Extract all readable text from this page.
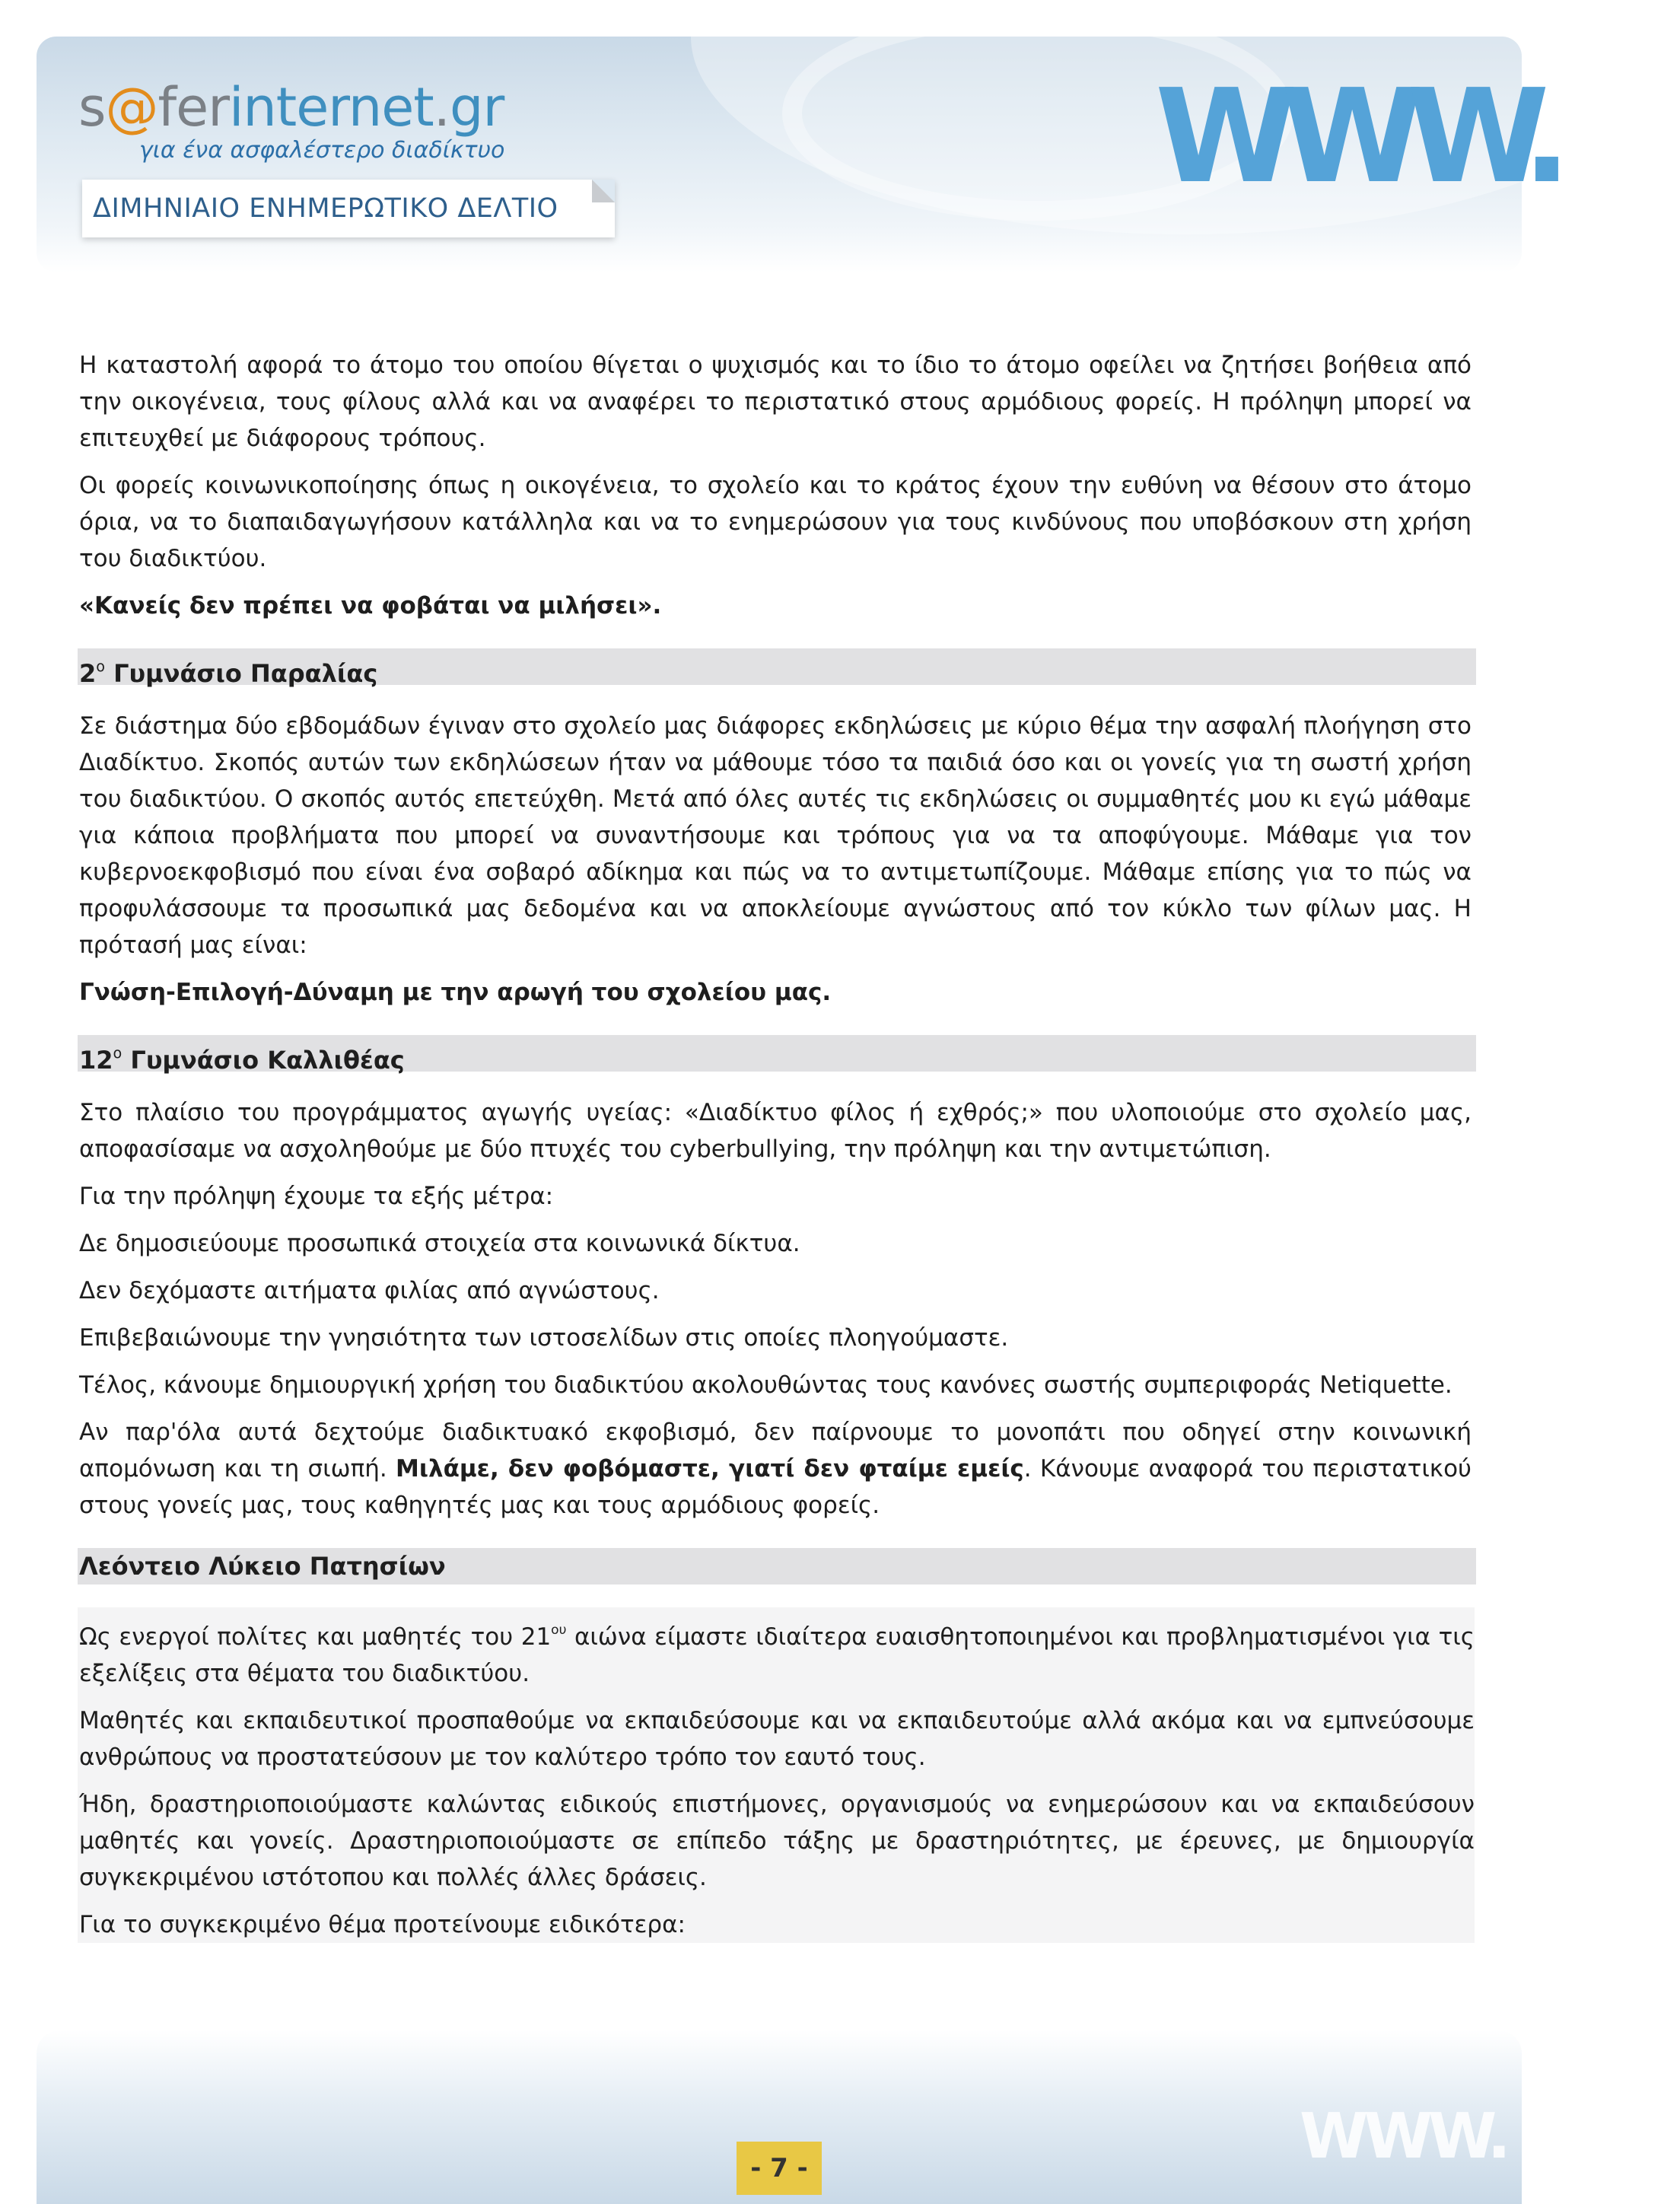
s@ferinternet.gr
για ένα ασφαλέστερο διαδίκτυο
ΔΙΜΗΝΙΑΙΟ ΕΝΗΜΕΡΩΤΙΚΟ ΔΕΛΤΙΟ	WWW.

Η καταστολή αφορά το άτομο του οποίου θίγεται ο ψυχισμός και το ίδιο το άτομο οφείλει να ζητήσει βοήθεια από την οικογένεια, τους φίλους αλλά και να αναφέρει το περιστατικό στους αρμόδιους φορείς. Η πρόληψη μπορεί να επιτευχθεί με διάφορους τρόπους.

Οι φορείς κοινωνικοποίησης όπως η οικογένεια, το σχολείο και το κράτος έχουν την ευθύνη να θέσουν στο άτομο όρια, να το διαπαιδαγωγήσουν κατάλληλα και να το ενημερώσουν για τους κινδύνους που υποβόσκουν στη χρήση του διαδικτύου.

«Κανείς δεν πρέπει να φοβάται να μιλήσει».

$2^o$ Γυμνάσιο Παραλίας

Σε διάστημα δύο εβδομάδων έγιναν στο σχολείο μας διάφορες εκδηλώσεις με κύριο θέμα την ασφαλή πλοήγηση στο Διαδίκτυο. Σκοπός αυτών των εκδηλώσεων ήταν να μάθουμε τόσο τα παιδιά όσο και οι γονείς για τη σωστή χρήση του διαδικτύου. Ο σκοπός αυτός επετεύχθη. Μετά από όλες αυτές τις εκδηλώσεις οι συμμαθητές μου κι εγώ μάθαμε για κάποια προβλήματα που μπορεί να συναντήσουμε και τρόπους για να τα αποφύγουμε. Μάθαμε για τον κυβερνοεκφοβισμό που είναι ένα σοβαρό αδίκημα και πώς να το αντιμετωπίζουμε. Μάθαμε επίσης για το πώς να προφυλάσσουμε τα προσωπικά μας δεδομένα και να αποκλείουμε αγνώστους από τον κύκλο των φίλων μας. Η πρότασή μας είναι:

Γνώση-Επιλογή-Δύναμη με την αρωγή του σχολείου μας.

$12^o$ Γυμνάσιο Καλλιθέας

Στο πλαίσιο του προγράμματος αγωγής υγείας: «Διαδίκτυο φίλος ή εχθρός;» που υλοποιούμε στο σχολείο μας, αποφασίσαμε να ασχοληθούμε με δύο πτυχές του cyberbullying, την πρόληψη και την αντιμετώπιση.

Για την πρόληψη έχουμε τα εξής μέτρα:

Δε δημοσιεύουμε προσωπικά στοιχεία στα κοινωνικά δίκτυα.

Δεν δεχόμαστε αιτήματα φιλίας από αγνώστους.

Επιβεβαιώνουμε την γνησιότητα των ιστοσελίδων στις οποίες πλοηγούμαστε.

Τέλος, κάνουμε δημιουργική χρήση του διαδικτύου ακολουθώντας τους κανόνες σωστής συμπεριφοράς Netiquette.

Αν παρ'όλα αυτά δεχτούμε διαδικτυακό εκφοβισμό, δεν παίρνουμε το μονοπάτι που οδηγεί στην κοινωνική απομόνωση και τη σιωπή. Μιλάμε, δεν φοβόμαστε, γιατί δεν φταίμε εμείς. Κάνουμε αναφορά του περιστατικού στους γονείς μας, τους καθηγητές μας και τους αρμόδιους φορείς.

Λεόντειο Λύκειο Πατησίων

Ως ενεργοί πολίτες και μαθητές του $21^{o\upsilon}$ αιώνα είμαστε ιδιαίτερα ευαισθητοποιημένοι και προβληματισμένοι για τις εξελίξεις στα θέματα του διαδικτύου.

Μαθητές και εκπαιδευτικοί προσπαθούμε να εκπαιδεύσουμε και να εκπαιδευτούμε αλλά ακόμα και να εμπνεύσουμε ανθρώπους να προστατεύσουν με τον καλύτερο τρόπο τον εαυτό τους.

Ήδη, δραστηριοποιούμαστε καλώντας ειδικούς επιστήμονες, οργανισμούς να ενημερώσουν και να εκπαιδεύσουν μαθητές και γονείς. Δραστηριοποιούμαστε σε επίπεδο τάξης με δραστηριότητες, με έρευνες, με δημιουργία συγκεκριμένου ιστότοπου και πολλές άλλες δράσεις.

Για το συγκεκριμένο θέμα προτείνουμε ειδικότερα:

WWW.
- 7 -
